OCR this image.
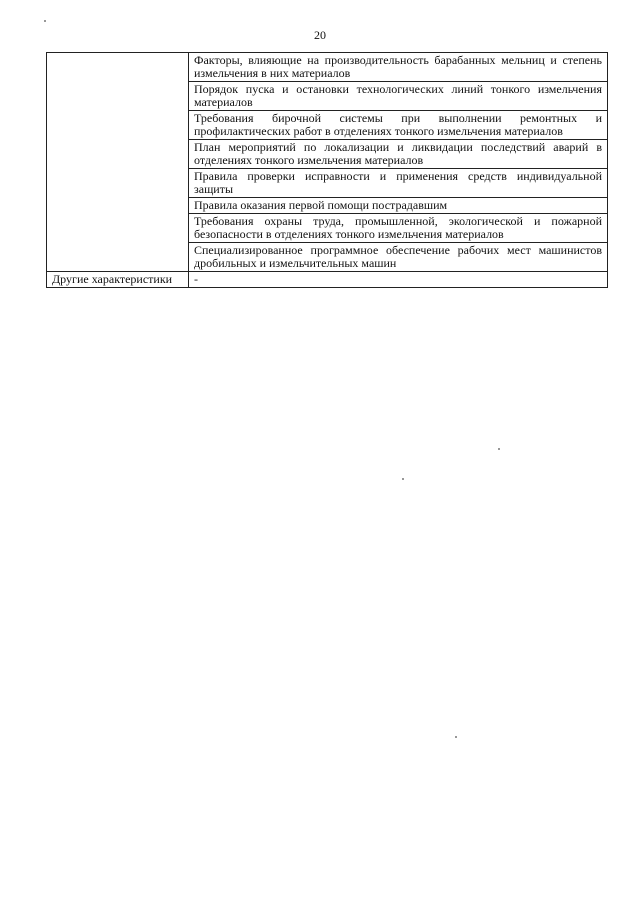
20
	Факторы, влияющие на производительность барабанных мельниц и степень измельчения в них материалов
	Порядок пуска и остановки технологических линий тонкого измельчения материалов
	Требования бирочной системы при выполнении ремонтных и профилактических работ в отделениях тонкого измельчения материалов
	План мероприятий по локализации и ликвидации последствий аварий в отделениях тонкого измельчения материалов
	Правила проверки исправности и применения средств индивидуальной защиты
	Правила оказания первой помощи пострадавшим
	Требования охраны труда, промышленной, экологической и пожарной безопасности в отделениях тонкого измельчения материалов
	Специализированное программное обеспечение рабочих мест машинистов дробильных и измельчительных машин
Другие характеристики	-
